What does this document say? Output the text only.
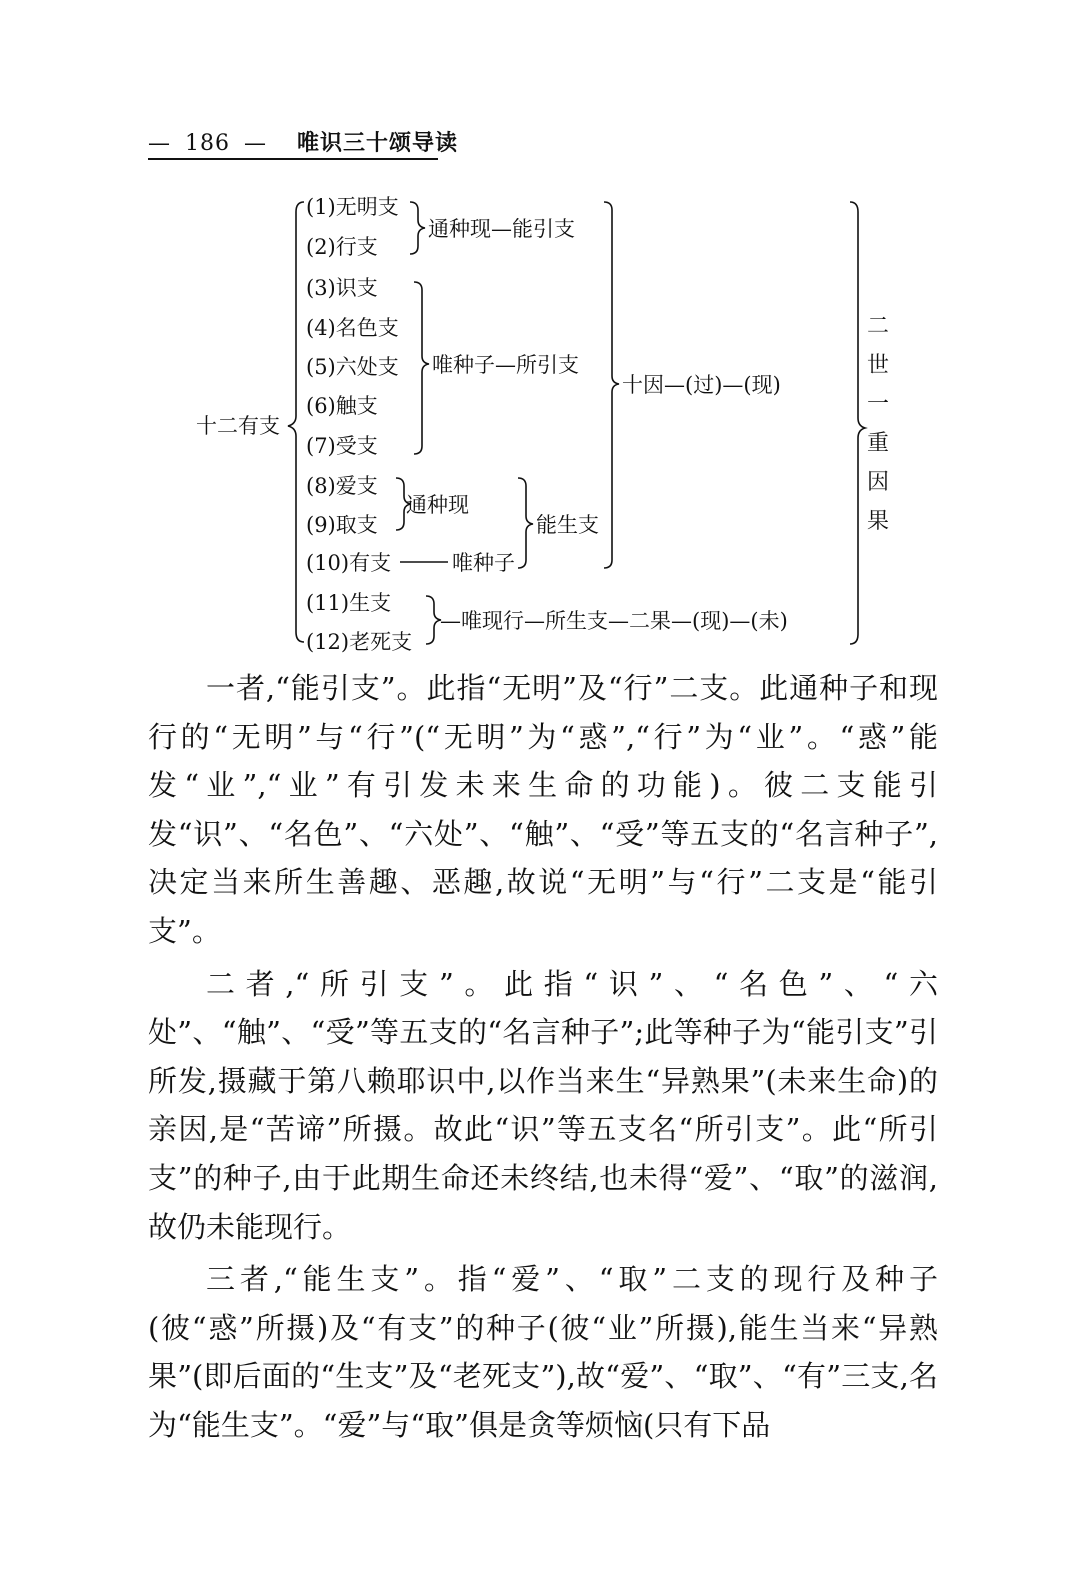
— 186 — 唯识三十颂导读
十二有支
(1)无明支
(2)行支
(3)识支
(4)名色支
(5)六处支
(6)触支
(7)受支
(8)爱支
(9)取支
(10)有支
(11)生支
(12)老死支
通种现—能引支
唯种子—所引支
通种现
唯种子
能生支
十因—(过)—(现)
—唯现行—所生支—二果—(现)—(未)
二
世
一
重
因
果

一者,“能引支”。此指“无明”及“行”二支。此通种子和现行的“无明”与“行”(“无明”为“惑”,“行”为“业”。“惑”能发“业”,“业”有引发未来生命的功能)。彼二支能引发“识”、“名色”、“六处”、“触”、“受”等五支的“名言种子”,决定当来所生善趣、恶趣,故说“无明”与“行”二支是“能引支”。

二者,“所引支”。此指“识”、“名色”、“六处”、“触”、“受”等五支的“名言种子”;此等种子为“能引支”引所发,摄藏于第八赖耶识中,以作当来生“异熟果”(未来生命)的亲因,是“苦谛”所摄。故此“识”等五支名“所引支”。此“所引支”的种子,由于此期生命还未终结,也未得“爱”、“取”的滋润,故仍未能现行。

三者,“能生支”。指“爱”、“取”二支的现行及种子(彼“惑”所摄)及“有支”的种子(彼“业”所摄),能生当来“异熟果”(即后面的“生支”及“老死支”),故“爱”、“取”、“有”三支,名为“能生支”。“爱”与“取”俱是贪等烦恼(只有下品
